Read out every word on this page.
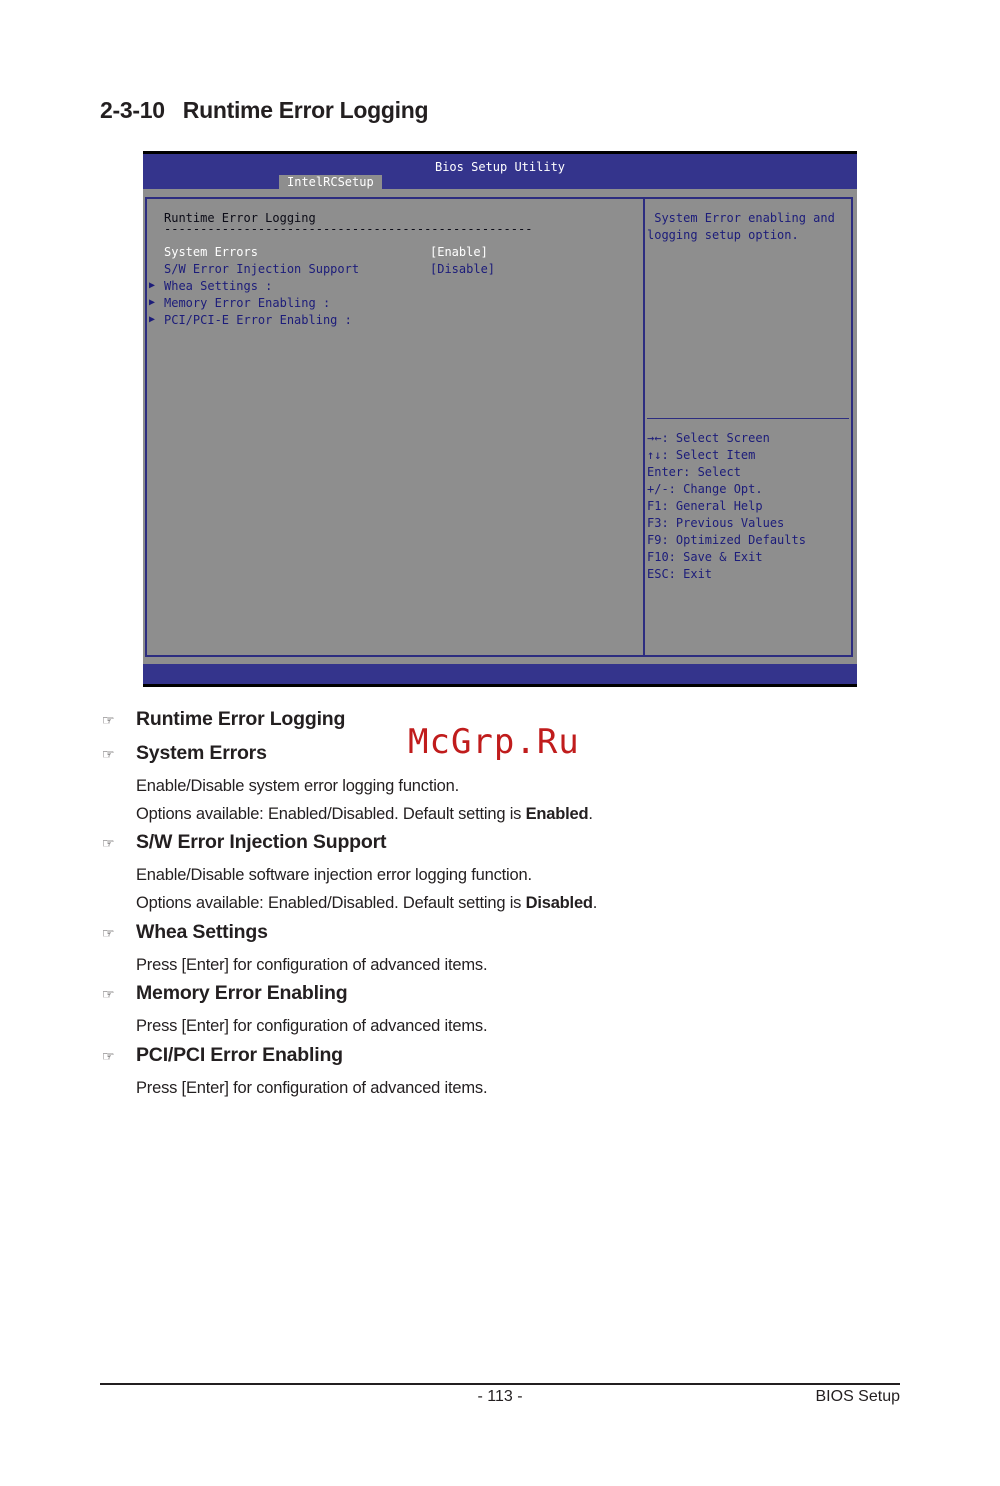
2-3-10 Runtime Error Logging
Bios Setup Utility
IntelRCSetup
Runtime Error Logging
---------------------------------------------------
System Errors	[Enable]
S/W Error Injection Support	[Disable]
▶ Whea Settings :
▶ Memory Error Enabling :
▶ PCI/PCI-E Error Enabling :
System Error enabling and
logging setup option.
→←: Select Screen
↑↓: Select Item
Enter: Select
+/-: Change Opt.
F1: General Help
F3: Previous Values
F9: Optimized Defaults
F10: Save & Exit
ESC: Exit
☞ Runtime Error Logging
☞ System Errors

Enable/Disable system error logging function.

Options available: Enabled/Disabled. Default setting is Enabled.

☞ S/W Error Injection Support

Enable/Disable software injection error logging function.

Options available: Enabled/Disabled. Default setting is Disabled.

☞ Whea Settings

Press [Enter] for configuration of advanced items.

☞ Memory Error Enabling

Press [Enter] for configuration of advanced items.

☞ PCI/PCI Error Enabling

Press [Enter] for configuration of advanced items.

McGrp.Ru
- 113 -	BIOS Setup
